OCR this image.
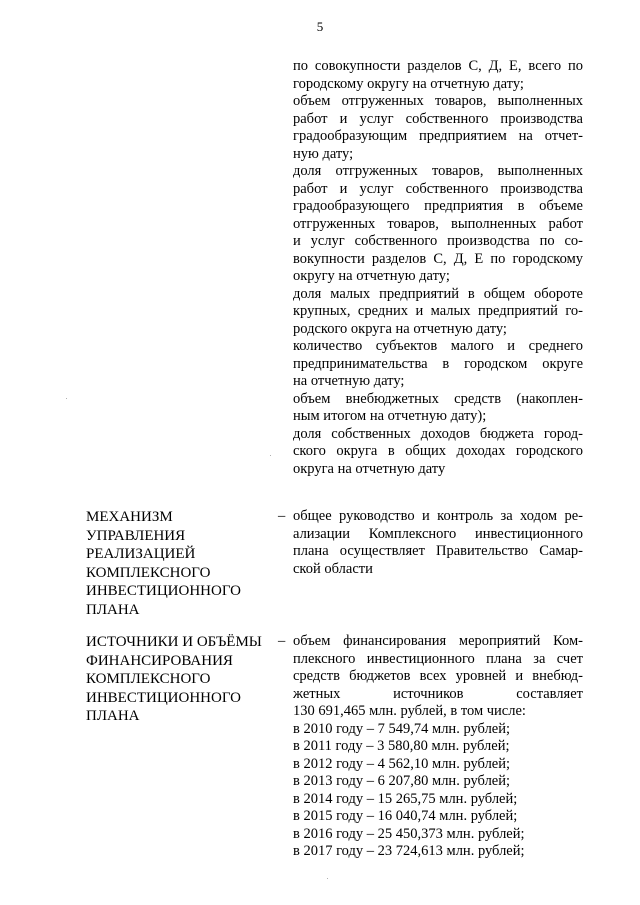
5
по совокупности разделов С, Д, Е, всего по
городскому округу на отчетную дату;
объем отгруженных товаров, выполненных
работ и услуг собственного производства
градообразующим предприятием на отчет-
ную дату;
доля отгруженных товаров, выполненных
работ и услуг собственного производства
градообразующего предприятия в объеме
отгруженных товаров, выполненных работ
и услуг собственного производства по со-
вокупности разделов С, Д, Е по городскому
округу на отчетную дату;
доля малых предприятий в общем обороте
крупных, средних и малых предприятий го-
родского округа на отчетную дату;
количество субъектов малого и среднего
предпринимательства в городском округе
на отчетную дату;
объем внебюджетных средств (накоплен-
ным итогом на отчетную дату);
доля собственных доходов бюджета город-
ского округа в общих доходах городского
округа на отчетную дату
МЕХАНИЗМ
УПРАВЛЕНИЯ
РЕАЛИЗАЦИЕЙ
КОМПЛЕКСНОГО
ИНВЕСТИЦИОННОГО
ПЛАНА
– общее руководство и контроль за ходом ре-
ализации Комплексного инвестиционного
плана осуществляет Правительство Самар-
ской области
ИСТОЧНИКИ И ОБЪЁМЫ
ФИНАНСИРОВАНИЯ
КОМПЛЕКСНОГО
ИНВЕСТИЦИОННОГО
ПЛАНА
– объем финансирования мероприятий Ком-
плексного инвестиционного плана за счет
средств бюджетов всех уровней и внебюд-
жетных источников составляет
130 691,465 млн. рублей, в том числе:
в 2010 году – 7 549,74 млн. рублей;
в 2011 году – 3 580,80 млн. рублей;
в 2012 году – 4 562,10 млн. рублей;
в 2013 году – 6 207,80 млн. рублей;
в 2014 году – 15 265,75 млн. рублей;
в 2015 году – 16 040,74 млн. рублей;
в 2016 году – 25 450,373 млн. рублей;
в 2017 году – 23 724,613 млн. рублей;
